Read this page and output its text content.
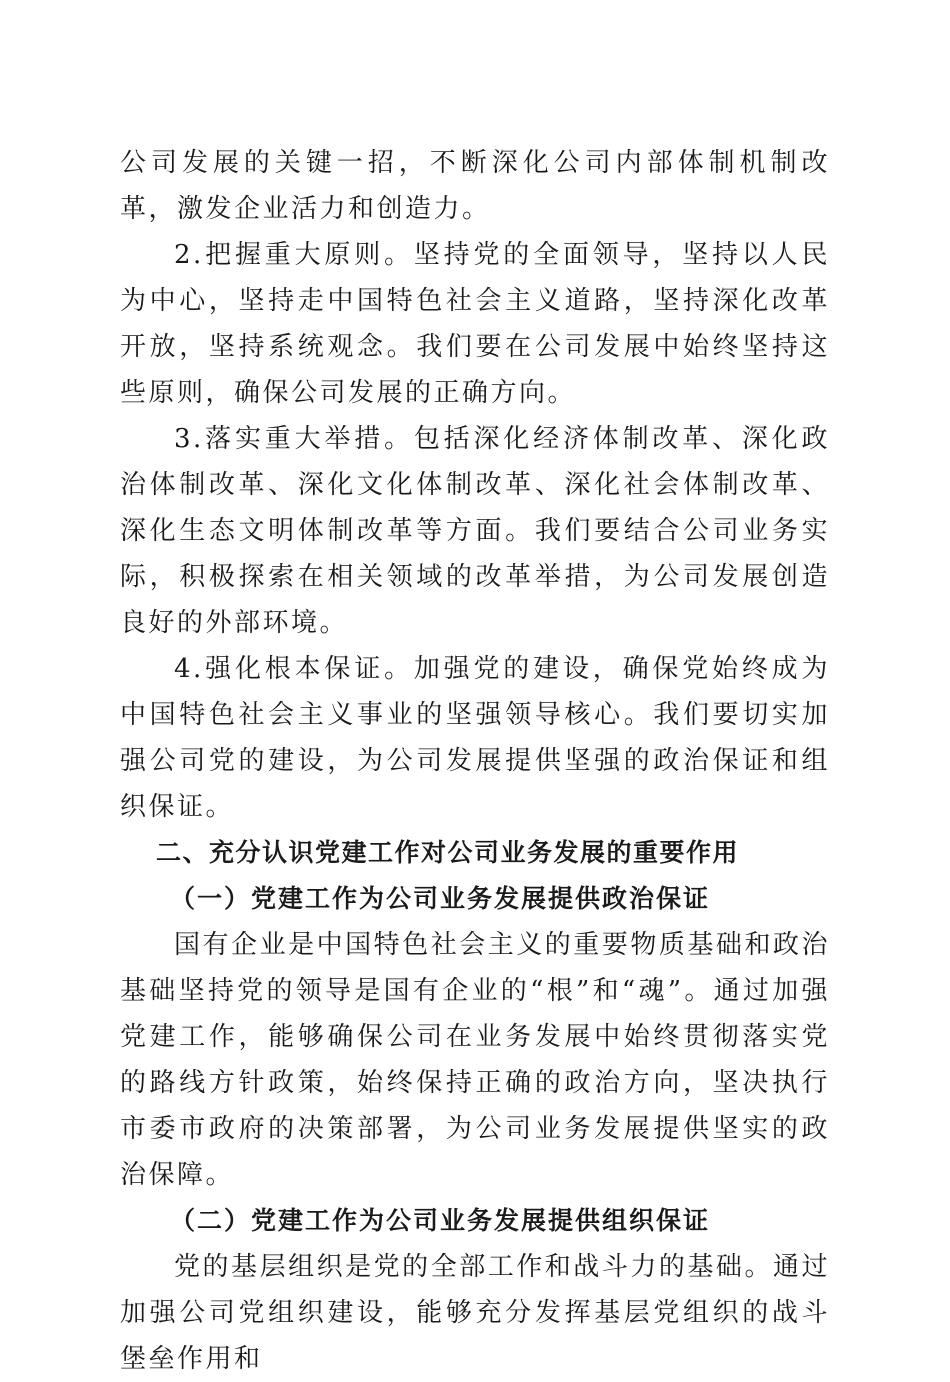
公司发展的关键一招，不断深化公司内部体制机制改革，激发企业活力和创造力。

2.把握重大原则。坚持党的全面领导，坚持以人民为中心，坚持走中国特色社会主义道路，坚持深化改革开放，坚持系统观念。我们要在公司发展中始终坚持这些原则，确保公司发展的正确方向。

3.落实重大举措。包括深化经济体制改革、深化政治体制改革、深化文化体制改革、深化社会体制改革、深化生态文明体制改革等方面。我们要结合公司业务实际，积极探索在相关领域的改革举措，为公司发展创造良好的外部环境。

4.强化根本保证。加强党的建设，确保党始终成为中国特色社会主义事业的坚强领导核心。我们要切实加强公司党的建设，为公司发展提供坚强的政治保证和组织保证。

二、充分认识党建工作对公司业务发展的重要作用

（一）党建工作为公司业务发展提供政治保证

国有企业是中国特色社会主义的重要物质基础和政治基础坚持党的领导是国有企业的“根”和“魂”。通过加强党建工作，能够确保公司在业务发展中始终贯彻落实党的路线方针政策，始终保持正确的政治方向，坚决执行市委市政府的决策部署，为公司业务发展提供坚实的政治保障。

（二）党建工作为公司业务发展提供组织保证

党的基层组织是党的全部工作和战斗力的基础。通过加强公司党组织建设，能够充分发挥基层党组织的战斗堡垒作用和
